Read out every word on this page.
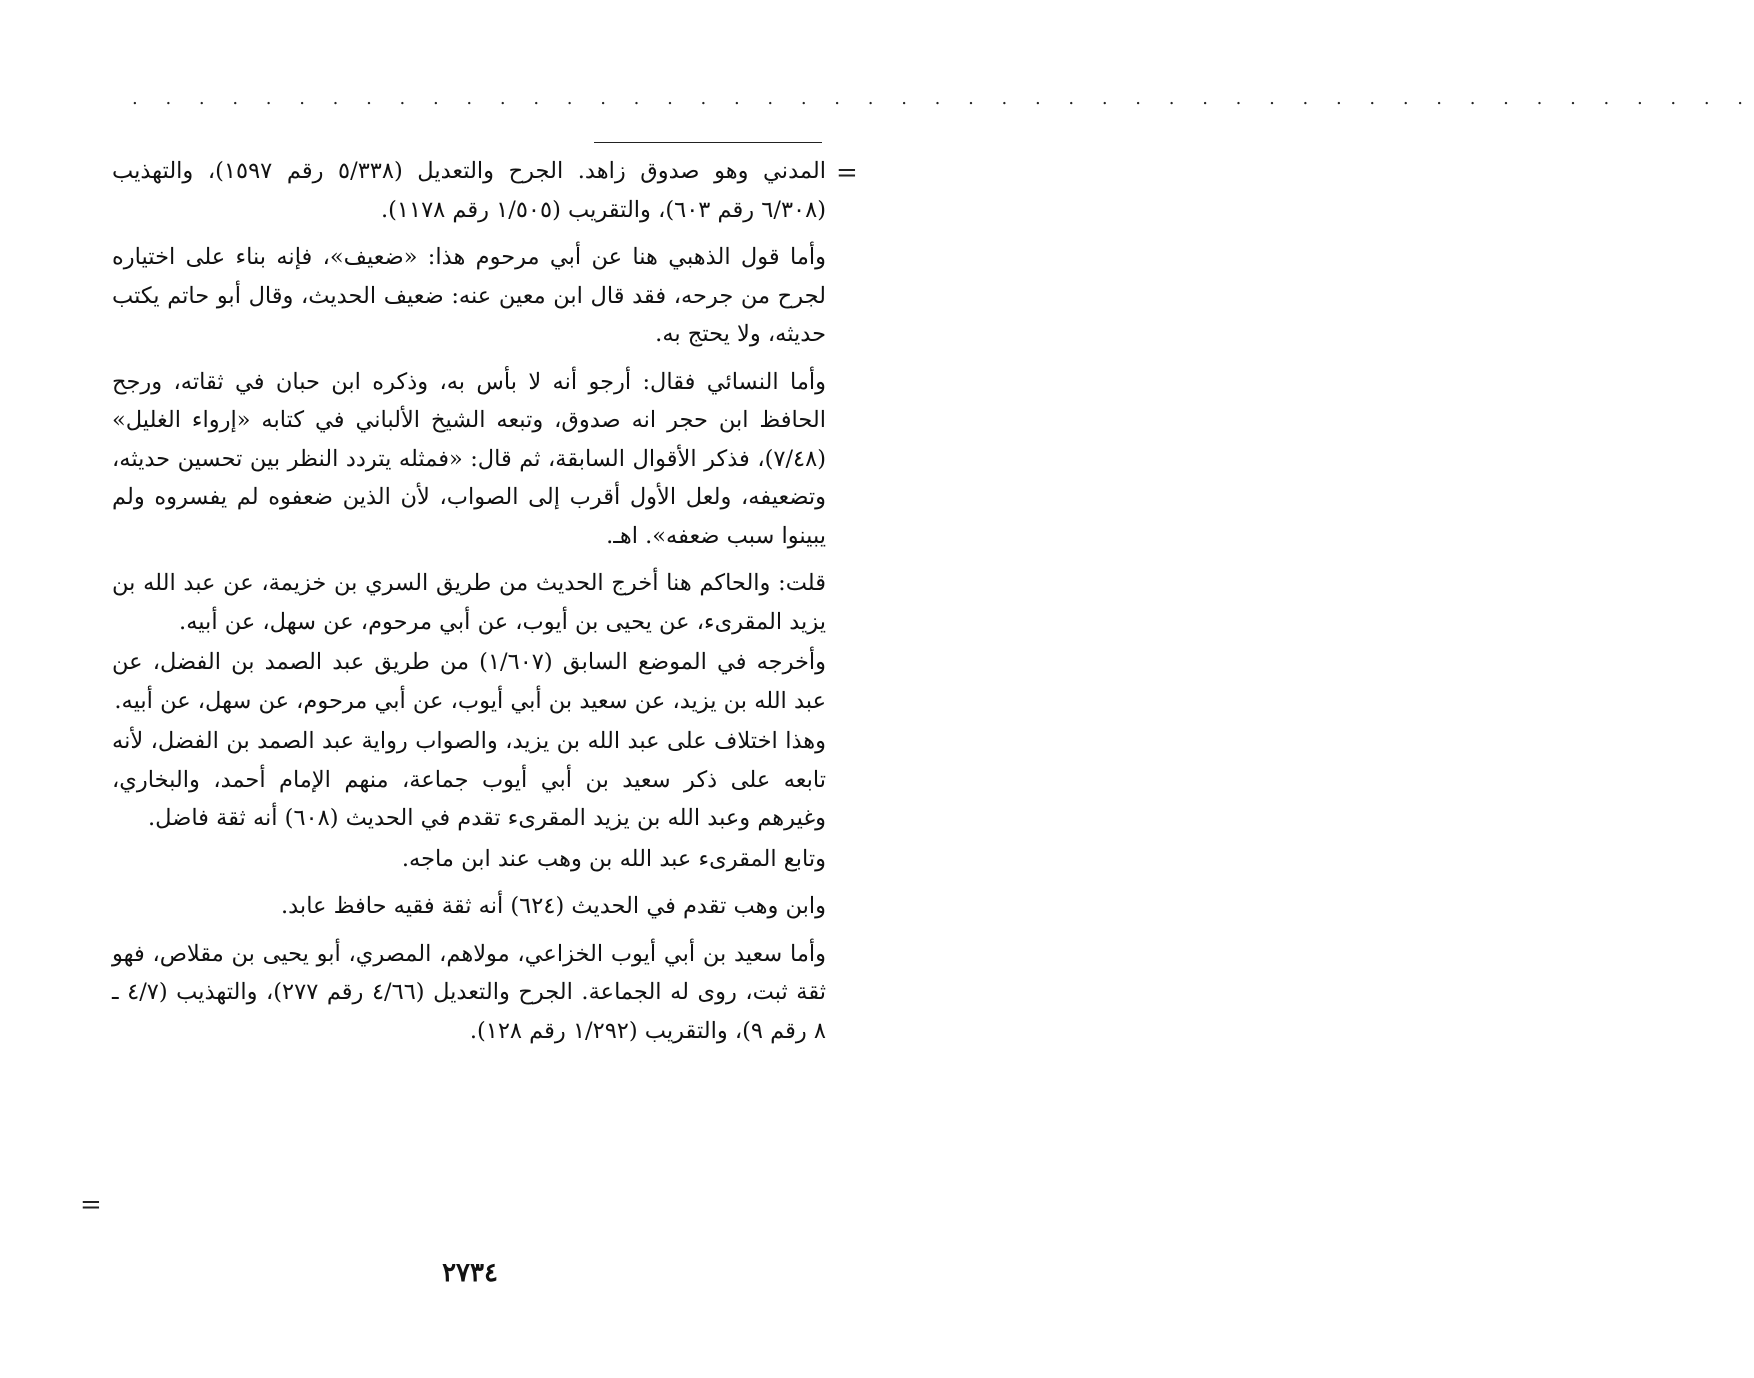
. . . . . . . . . . . . . . . . . . . . . . . . . . . . . . . . . . . . . . . . . . . . . . . . .
=
=

المدني وهو صدوق زاهد. الجرح والتعديل (٥/٣٣٨ رقم ١٥٩٧)، والتهذيب (٦/٣٠٨ رقم ٦٠٣)، والتقريب (١/٥٠٥ رقم ١١٧٨).

وأما قول الذهبي هنا عن أبي مرحوم هذا: «ضعيف»، فإنه بناء على اختياره لجرح من جرحه، فقد قال ابن معين عنه: ضعيف الحديث، وقال أبو حاتم يكتب حديثه، ولا يحتج به.

وأما النسائي فقال: أرجو أنه لا بأس به، وذكره ابن حبان في ثقاته، ورجح الحافظ ابن حجر انه صدوق، وتبعه الشيخ الألباني في كتابه «إرواء الغليل» (٧/٤٨)، فذكر الأقوال السابقة، ثم قال: «فمثله يتردد النظر بين تحسين حديثه، وتضعيفه، ولعل الأول أقرب إلى الصواب، لأن الذين ضعفوه لم يفسروه ولم يبينوا سبب ضعفه». اهـ.

قلت: والحاكم هنا أخرج الحديث من طريق السري بن خزيمة، عن عبد الله بن يزيد المقرىء، عن يحيى بن أيوب، عن أبي مرحوم، عن سهل، عن أبيه.

وأخرجه في الموضع السابق (١/٦٠٧) من طريق عبد الصمد بن الفضل، عن عبد الله بن يزيد، عن سعيد بن أبي أيوب، عن أبي مرحوم، عن سهل، عن أبيه.

وهذا اختلاف على عبد الله بن يزيد، والصواب رواية عبد الصمد بن الفضل، لأنه تابعه على ذكر سعيد بن أبي أيوب جماعة، منهم الإمام أحمد، والبخاري، وغيرهم وعبد الله بن يزيد المقرىء تقدم في الحديث (٦٠٨) أنه ثقة فاضل.

وتابع المقرىء عبد الله بن وهب عند ابن ماجه.

وابن وهب تقدم في الحديث (٦٢٤) أنه ثقة فقيه حافظ عابد.

وأما سعيد بن أبي أيوب الخزاعي، مولاهم، المصري، أبو يحيى بن مقلاص، فهو ثقة ثبت، روى له الجماعة. الجرح والتعديل (٤/٦٦ رقم ٢٧٧)، والتهذيب (٤/٧ ـ ٨ رقم ٩)، والتقريب (١/٢٩٢ رقم ١٢٨).

٢٧٣٤
